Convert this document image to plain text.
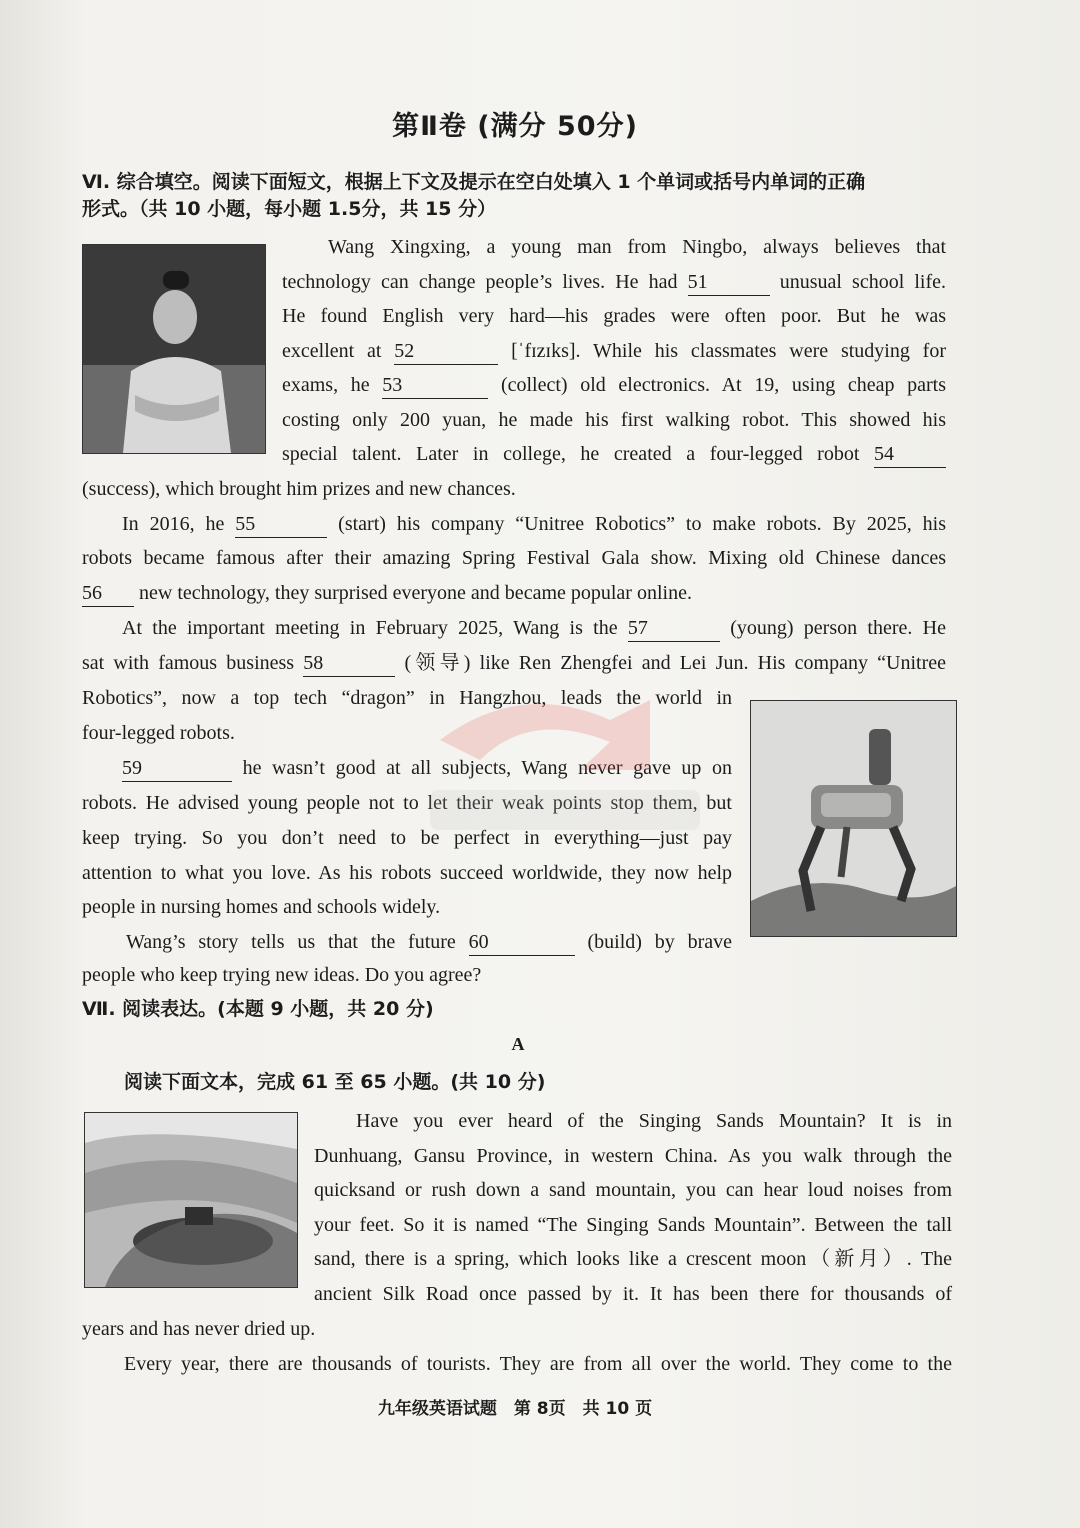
第Ⅱ卷 (满分 50分)
Ⅵ. 综合填空。阅读下面短文，根据上下文及提示在空白处填入 1 个单词或括号内单词的正确
形式。（共 10 小题，每小题 1.5分，共 15 分）
Wang Xingxing, a young man from Ningbo, always believes that
technology can change people’s lives. He had 51	unusual school life.
He found English very hard—his grades were often poor. But he was
excellent at 52	[ˈfɪzɪks]. While his classmates were studying for
exams, he 53	(collect) old electronics. At 19, using cheap parts
costing only 200 yuan, he made his first walking robot. This showed his
special talent. Later in college, he created a four-legged robot 54
(success), which brought him prizes and new chances.
In 2016, he 55	(start) his company “Unitree Robotics” to make robots. By 2025, his
robots became famous after their amazing Spring Festival Gala show. Mixing old Chinese dances
56 new technology, they surprised everyone and became popular online.
At the important meeting in February 2025, Wang is the 57	(young) person there. He
sat with famous business 58	(领导) like Ren Zhengfei and Lei Jun. His company “Unitree
Robotics”, now a top tech “dragon” in Hangzhou, leads the world in
four-legged robots.
59	he wasn’t good at all subjects, Wang never gave up on
robots. He advised young people not to let their weak points stop them, but
keep trying. So you don’t need to be perfect in everything—just pay
attention to what you love. As his robots succeed worldwide, they now help
people in nursing homes and schools widely.
Wang’s story tells us that the future 60	(build) by brave
people who keep trying new ideas. Do you agree?
Ⅶ. 阅读表达。(本题 9 小题，共 20 分)
A
阅读下面文本，完成 61 至 65 小题。(共 10 分)
Have you ever heard of the Singing Sands Mountain? It is in
Dunhuang, Gansu Province, in western China. As you walk through the
quicksand or rush down a sand mountain, you can hear loud noises from
your feet. So it is named “The Singing Sands Mountain”. Between the tall
sand, there is a spring, which looks like a crescent moon（新月）. The
ancient Silk Road once passed by it. It has been there for thousands of
years and has never dried up.
Every year, there are thousands of tourists. They are from all over the world. They come to the
九年级英语试题　第 8页　共 10 页
